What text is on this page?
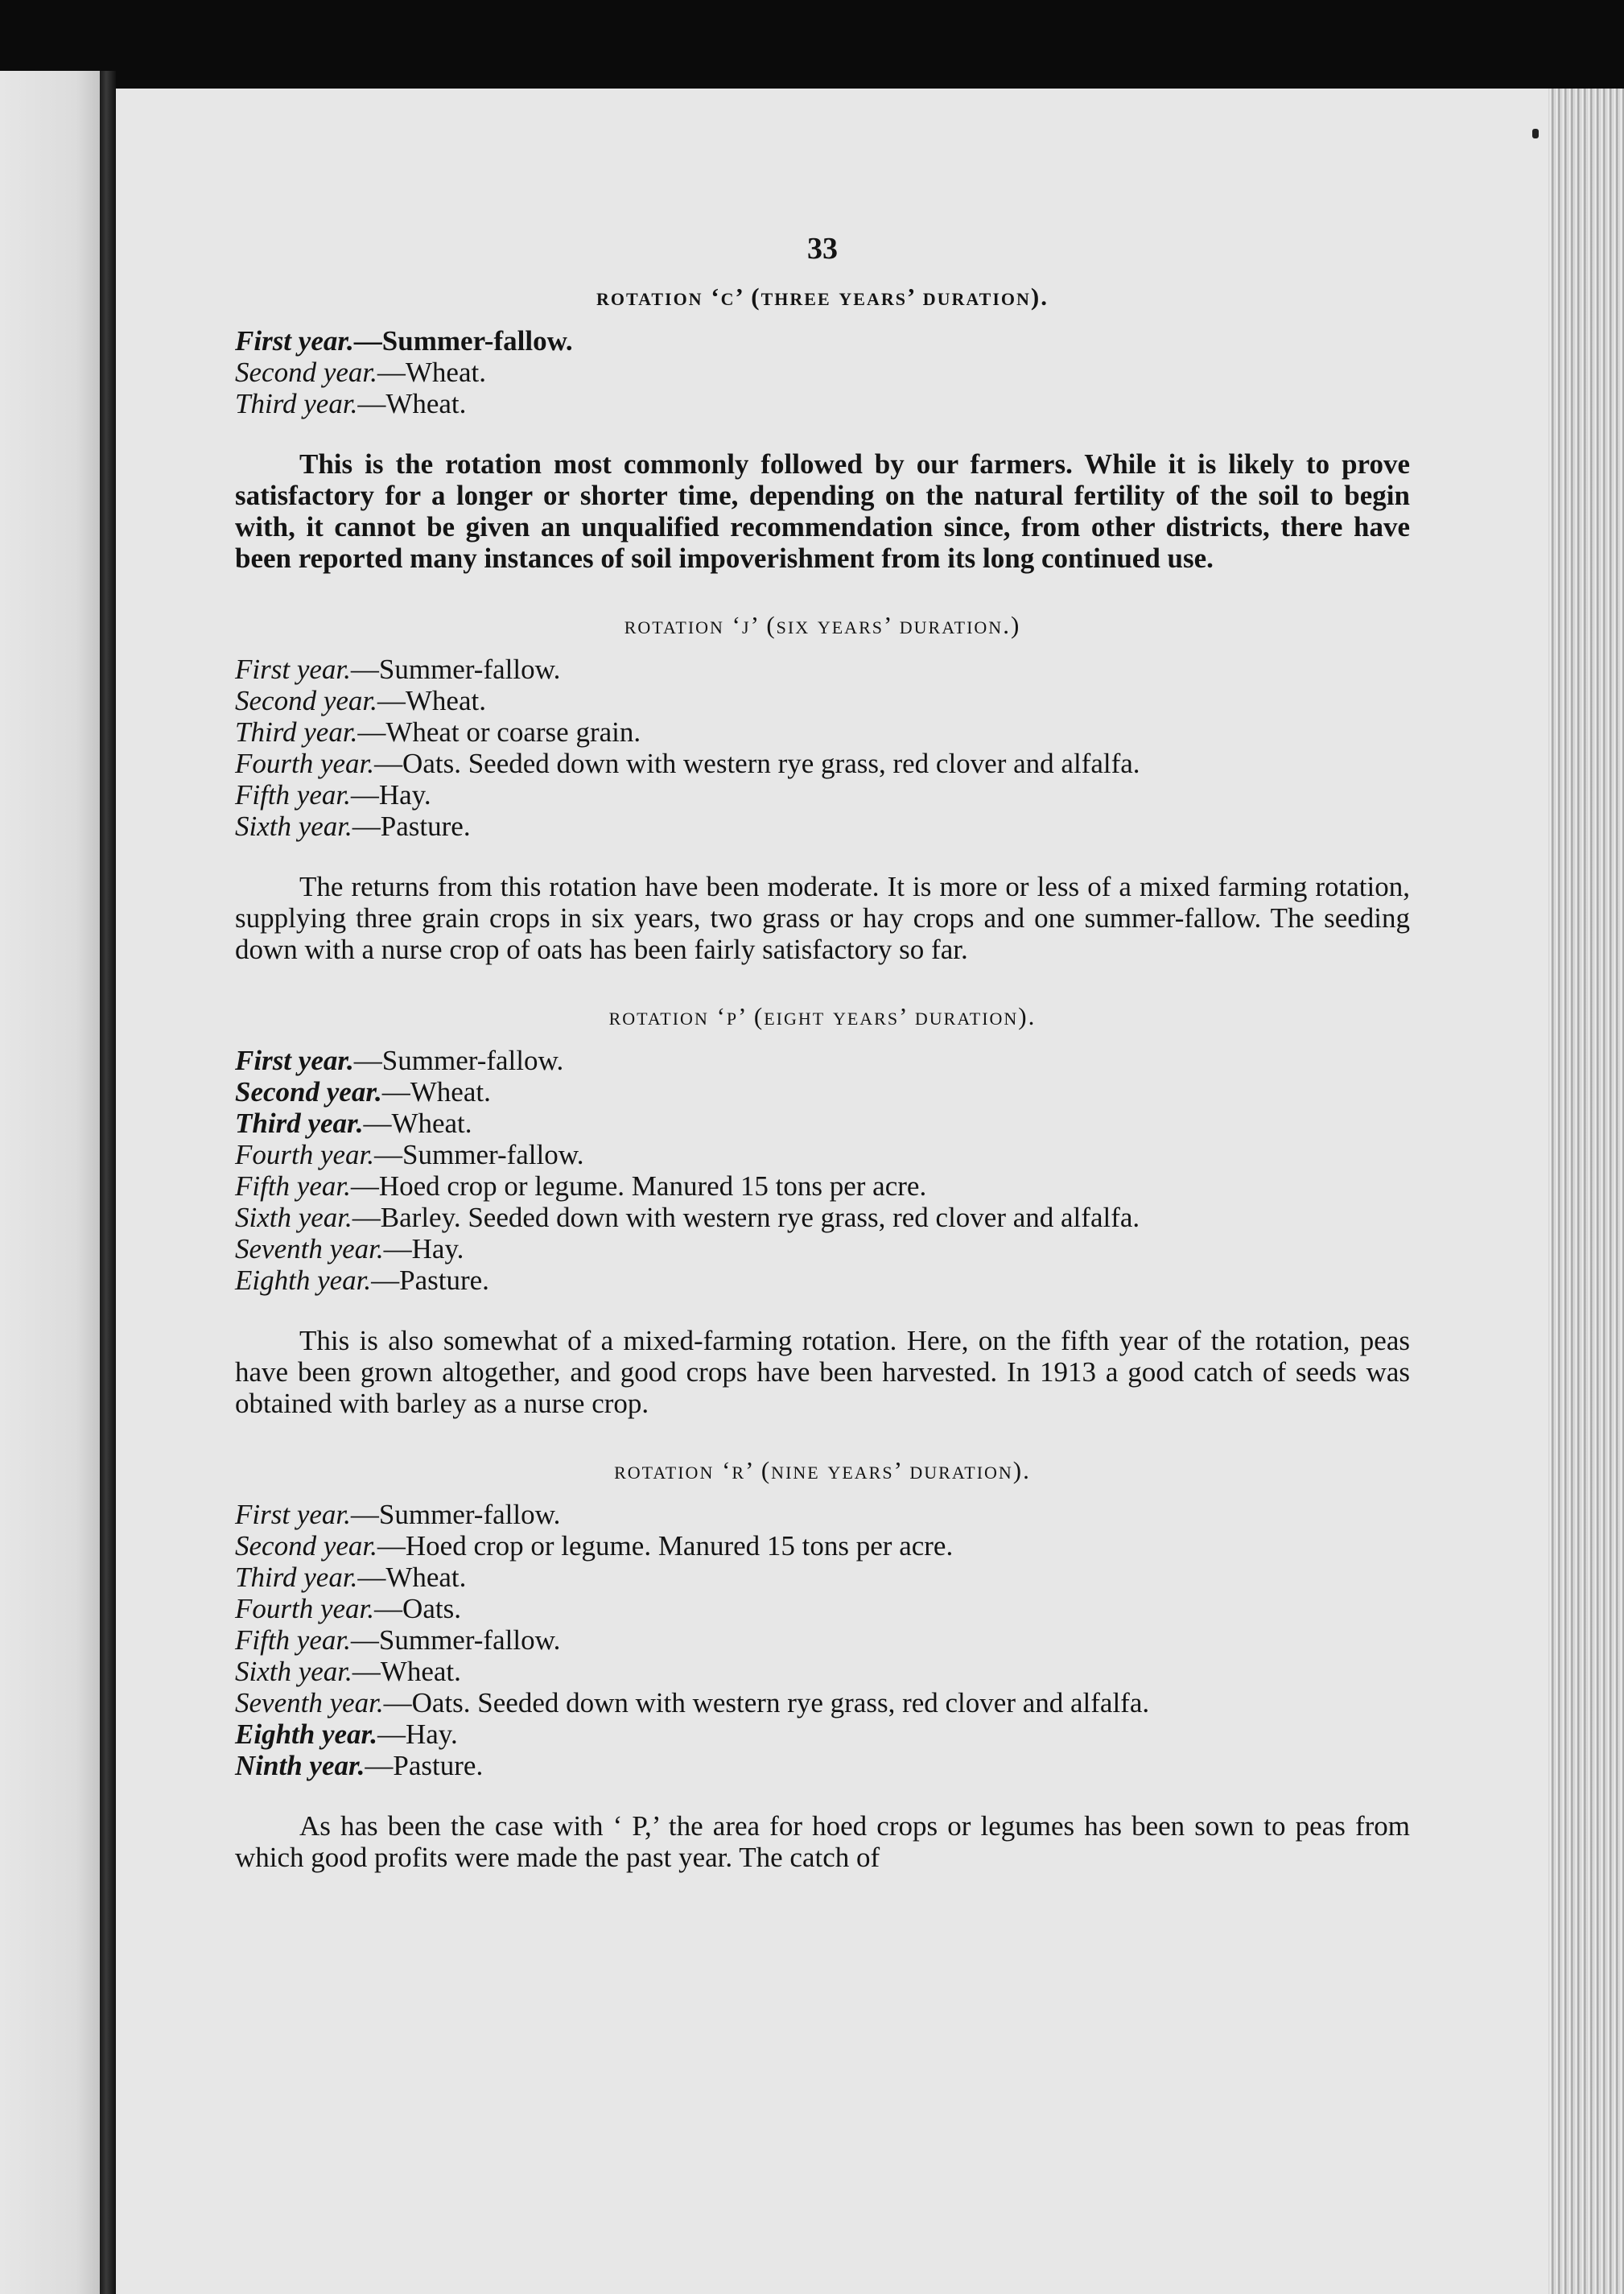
33
rotation ‘c’ (three years’ duration).

First year.—Summer-fallow.

Second year.—Wheat.

Third year.—Wheat.

This is the rotation most commonly followed by our farmers. While it is likely to prove satisfactory for a longer or shorter time, depending on the natural fertility of the soil to begin with, it cannot be given an unqualified recommendation since, from other districts, there have been reported many instances of soil impoverishment from its long continued use.

rotation ‘j’ (six years’ duration.)

First year.—Summer-fallow.

Second year.—Wheat.

Third year.—Wheat or coarse grain.

Fourth year.—Oats. Seeded down with western rye grass, red clover and alfalfa.

Fifth year.—Hay.

Sixth year.—Pasture.

The returns from this rotation have been moderate. It is more or less of a mixed farming rotation, supplying three grain crops in six years, two grass or hay crops and one summer-fallow. The seeding down with a nurse crop of oats has been fairly satisfactory so far.

rotation ‘p’ (eight years’ duration).

First year.—Summer-fallow.

Second year.—Wheat.

Third year.—Wheat.

Fourth year.—Summer-fallow.

Fifth year.—Hoed crop or legume. Manured 15 tons per acre.

Sixth year.—Barley. Seeded down with western rye grass, red clover and alfalfa.

Seventh year.—Hay.

Eighth year.—Pasture.

This is also somewhat of a mixed-farming rotation. Here, on the fifth year of the rotation, peas have been grown altogether, and good crops have been harvested. In 1913 a good catch of seeds was obtained with barley as a nurse crop.

rotation ‘r’ (nine years’ duration).

First year.—Summer-fallow.

Second year.—Hoed crop or legume. Manured 15 tons per acre.

Third year.—Wheat.

Fourth year.—Oats.

Fifth year.—Summer-fallow.

Sixth year.—Wheat.

Seventh year.—Oats. Seeded down with western rye grass, red clover and alfalfa.

Eighth year.—Hay.

Ninth year.—Pasture.

As has been the case with ‘ P,’ the area for hoed crops or legumes has been sown to peas from which good profits were made the past year. The catch of
